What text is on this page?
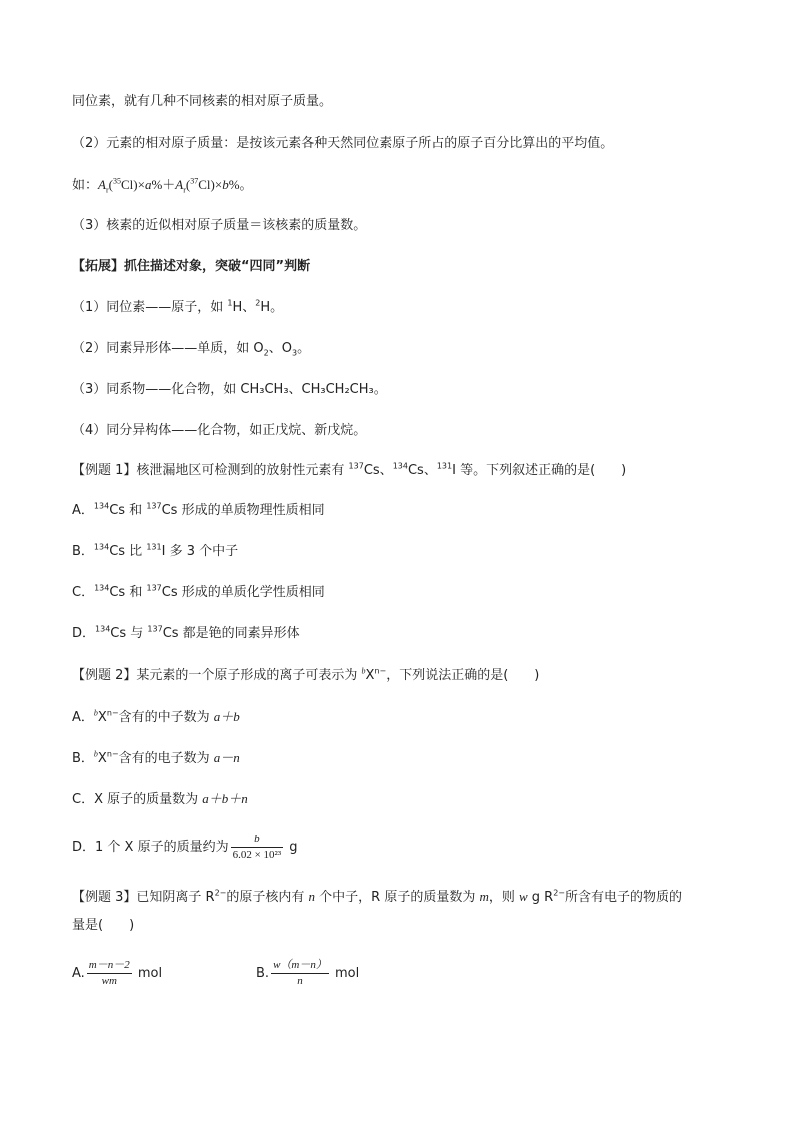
同位素，就有几种不同核素的相对原子质量。
（2）元素的相对原子质量：是按该元素各种天然同位素原子所占的原子百分比算出的平均值。
如：$A_r(^{35}Cl)\times a\%+A_r(^{37}Cl)\times b\%$。
（3）核素的近似相对原子质量＝该核素的质量数。
【拓展】抓住描述对象，突破“四同”判断
（1）同位素——原子，如 $^1$H、$^2$H。
（2）同素异形体——单质，如 $O_2$、$O_3$。
（3）同系物——化合物，如 CH₃CH₃、CH₃CH₂CH₃。
（4）同分异构体——化合物，如正戊烷、新戊烷。
【例题 1】核泄漏地区可检测到的放射性元素有 $^{137}$Cs、$^{134}$Cs、$^{131}$I 等。下列叙述正确的是(　　)
A．$^{134}$Cs 和 $^{137}$Cs 形成的单质物理性质相同
B．$^{134}$Cs 比 $^{131}$I 多 3 个中子
C．$^{134}$Cs 和 $^{137}$Cs 形成的单质化学性质相同
D．$^{134}$Cs 与 $^{137}$Cs 都是铯的同素异形体
【例题 2】某元素的一个原子形成的离子可表示为 $^bX^{n-}$，下列说法正确的是(　　)
A．$^bX^{n-}$含有的中子数为 a＋b
B．$^bX^{n-}$含有的电子数为 a－n
C．X 原子的质量数为 a＋b＋n
D．1 个 X 原子的质量约为 $\frac{b}{\text{6.02 × 10²³}}$ g
【例题 3】已知阴离子 $R^{2-}$的原子核内有 n 个中子，R 原子的质量数为 m，则 w g $R^{2-}$所含有电子的物质的
量是(　　)
A. $\frac{m-n-2}{wm}$ mol	B. $\frac{w(m-n)}{n}$ mol
